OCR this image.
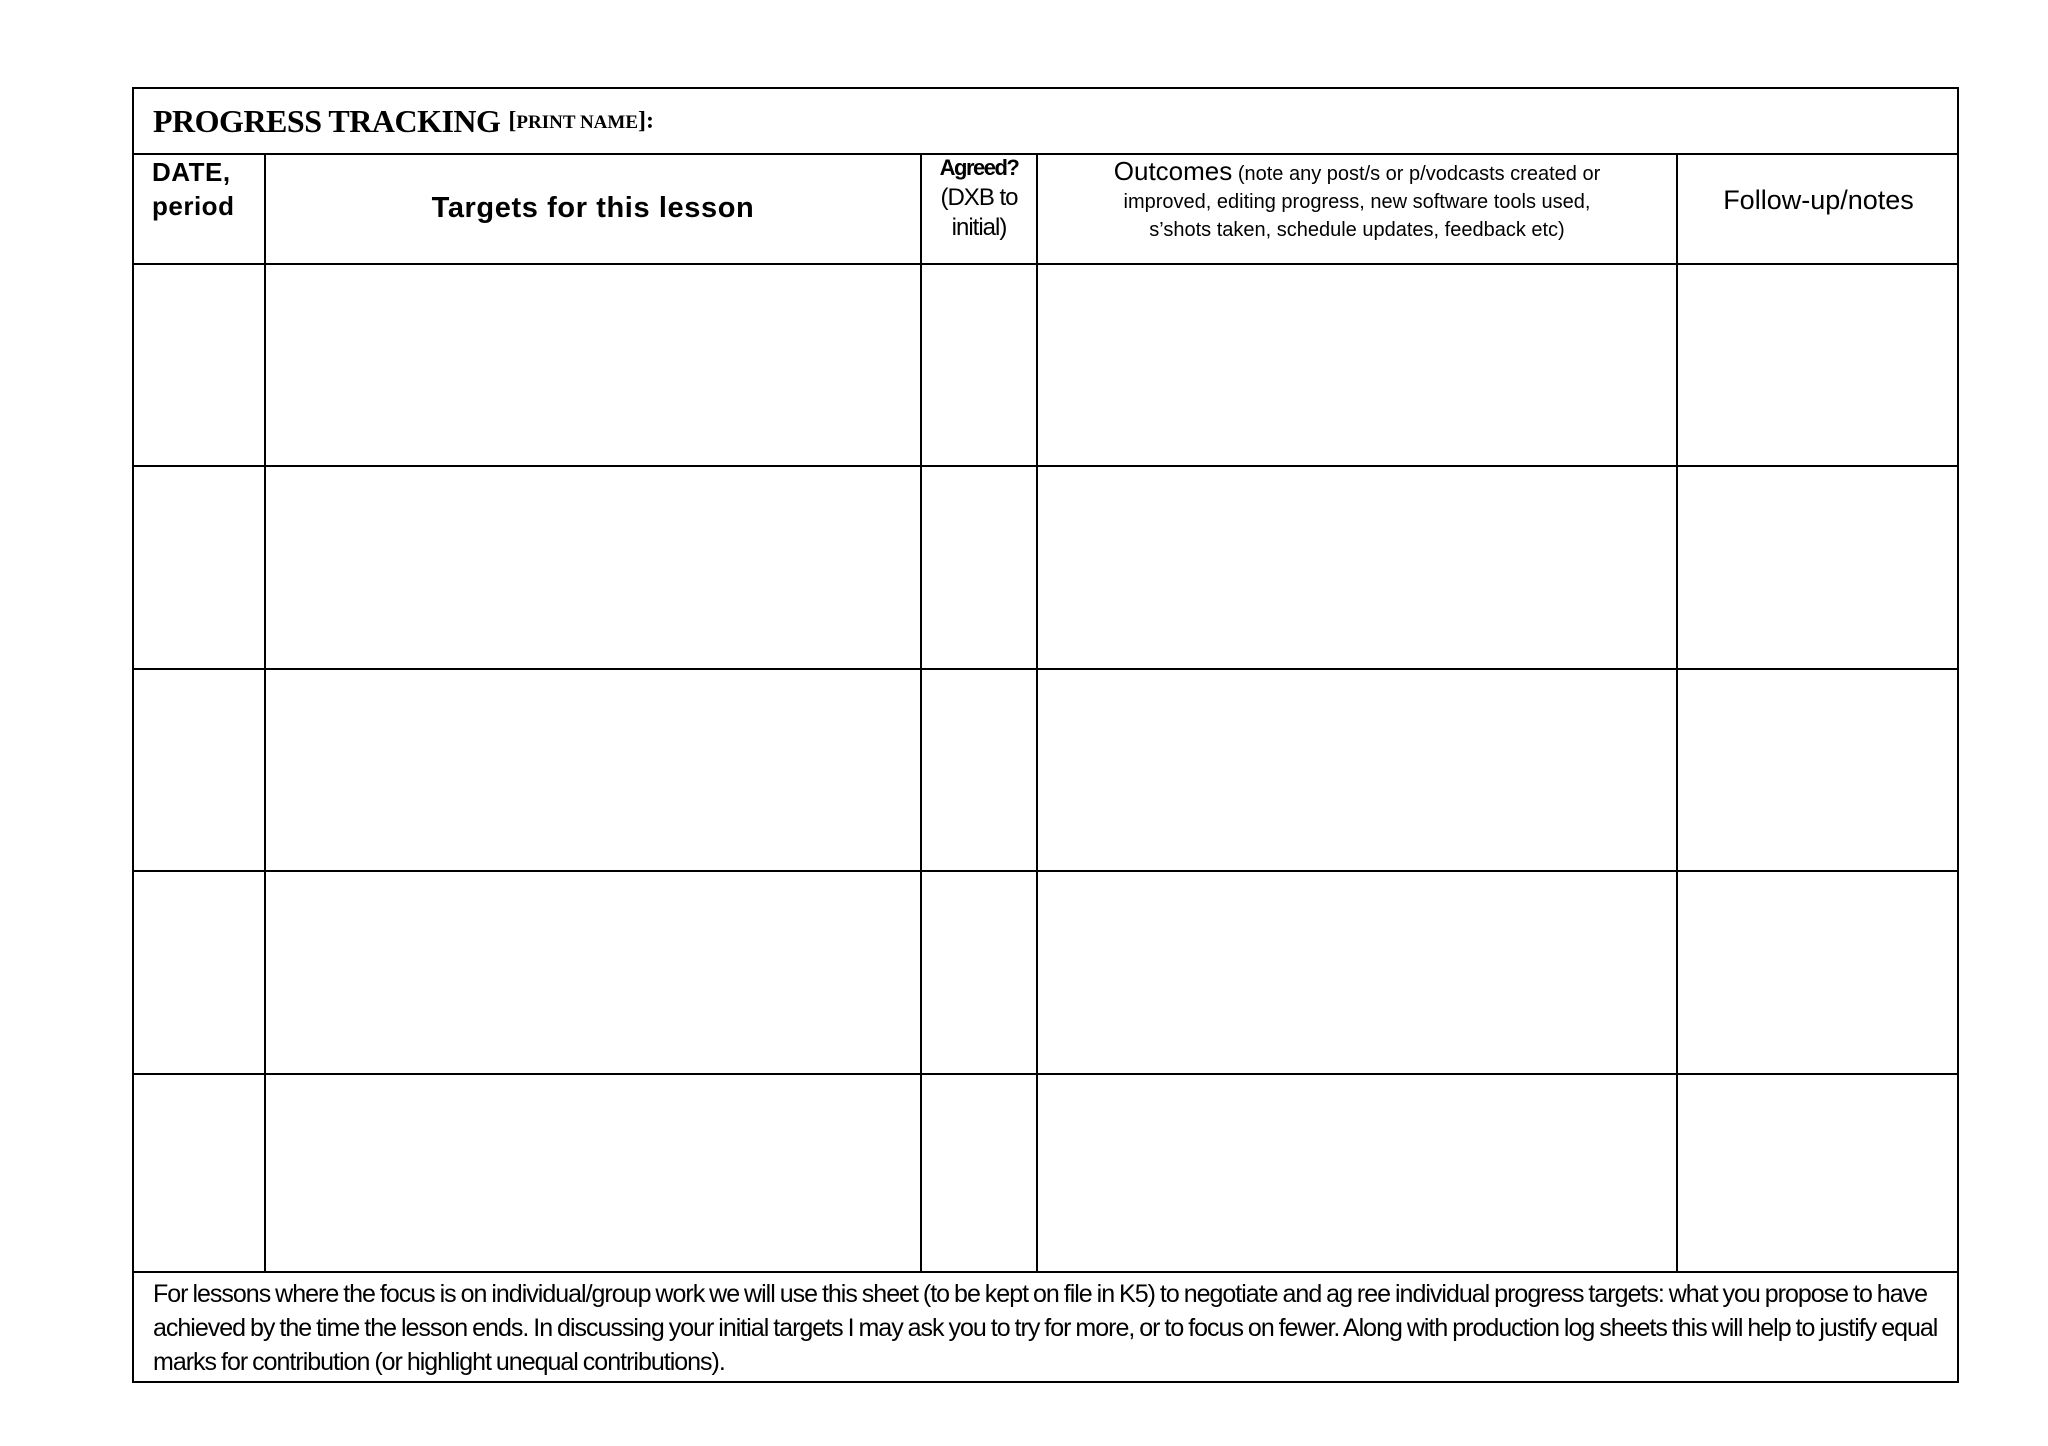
PROGRESS TRACKING [PRINT NAME]:
DATE,
period	Targets for this lesson
Agreed?
(DXB to
initial)
Outcomes (note any post/s or p/vodcasts created or
improved, editing progress, new software tools used,
s’shots taken, schedule updates, feedback etc)
Follow-up/notes
For lessons where the focus is on individual/group work we will use this sheet (to be kept on file in K5) to negotiate and ag ree individual progress targets: what you propose to have achieved by the time the lesson ends. In discussing your initial targets I may ask you to try for more, or to focus on fewer. Along with production log sheets this will help to justify equal marks for contribution (or highlight unequal contributions).
